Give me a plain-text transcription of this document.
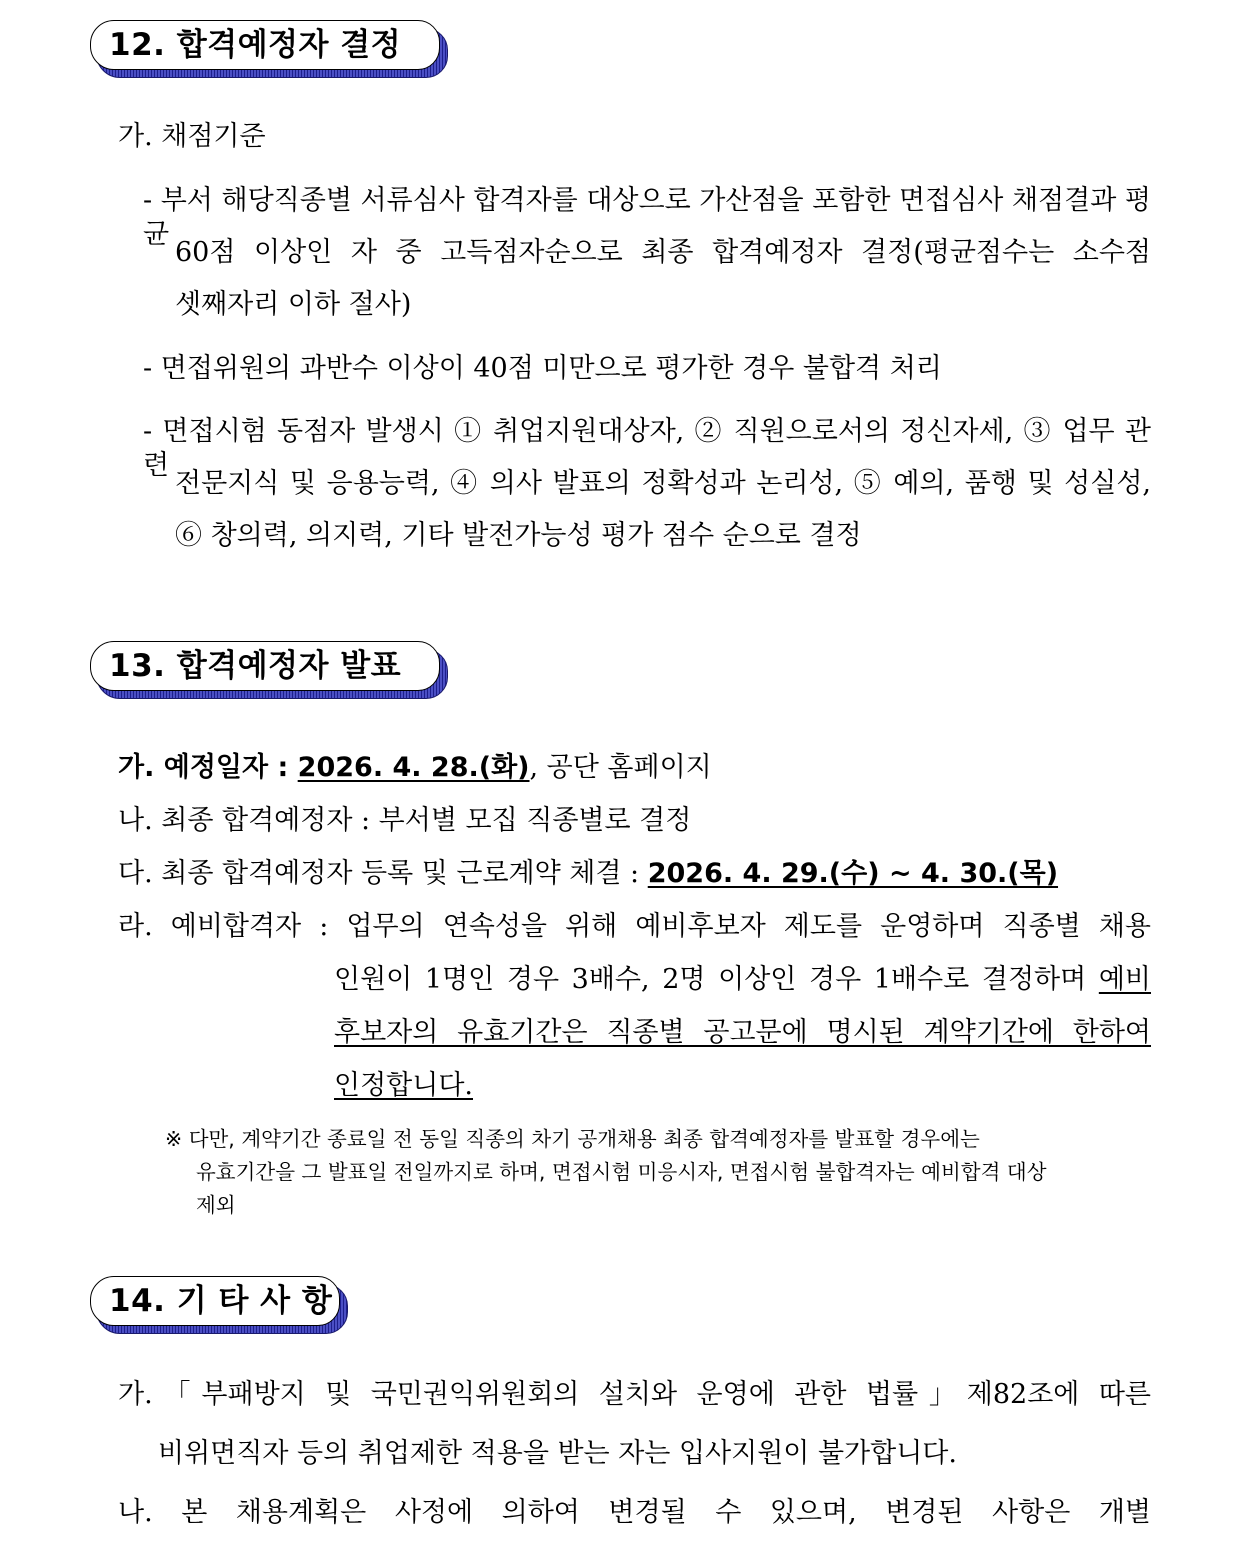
12. 합격예정자 결정
가. 채점기준
- 부서 해당직종별 서류심사 합격자를 대상으로 가산점을 포함한 면접심사 채점결과 평균
60점 이상인 자 중 고득점자순으로 최종 합격예정자 결정(평균점수는 소수점
셋째자리 이하 절사)
- 면접위원의 과반수 이상이 40점 미만으로 평가한 경우 불합격 처리
- 면접시험 동점자 발생시 ① 취업지원대상자, ② 직원으로서의 정신자세, ③ 업무 관련
전문지식 및 응용능력, ④ 의사 발표의 정확성과 논리성, ⑤ 예의, 품행 및 성실성,
⑥ 창의력, 의지력, 기타 발전가능성 평가 점수 순으로 결정
13. 합격예정자 발표
가. 예정일자 : 2026. 4. 28.(화), 공단 홈페이지
나. 최종 합격예정자 : 부서별 모집 직종별로 결정
다. 최종 합격예정자 등록 및 근로계약 체결 : 2026. 4. 29.(수) ~ 4. 30.(목)
라. 예비합격자 : 업무의 연속성을 위해 예비후보자 제도를 운영하며 직종별 채용
인원이 1명인 경우 3배수, 2명 이상인 경우 1배수로 결정하며 예비
후보자의 유효기간은 직종별 공고문에 명시된 계약기간에 한하여
인정합니다.
※ 다만, 계약기간 종료일 전 동일 직종의 차기 공개채용 최종 합격예정자를 발표할 경우에는
유효기간을 그 발표일 전일까지로 하며, 면접시험 미응시자, 면접시험 불합격자는 예비합격 대상
제외
14. 기 타 사 항
가.「부패방지 및 국민권익위원회의 설치와 운영에 관한 법률」제82조에 따른
비위면직자 등의 취업제한 적용을 받는 자는 입사지원이 불가합니다.
나. 본 채용계획은 사정에 의하여 변경될 수 있으며, 변경된 사항은 개별
